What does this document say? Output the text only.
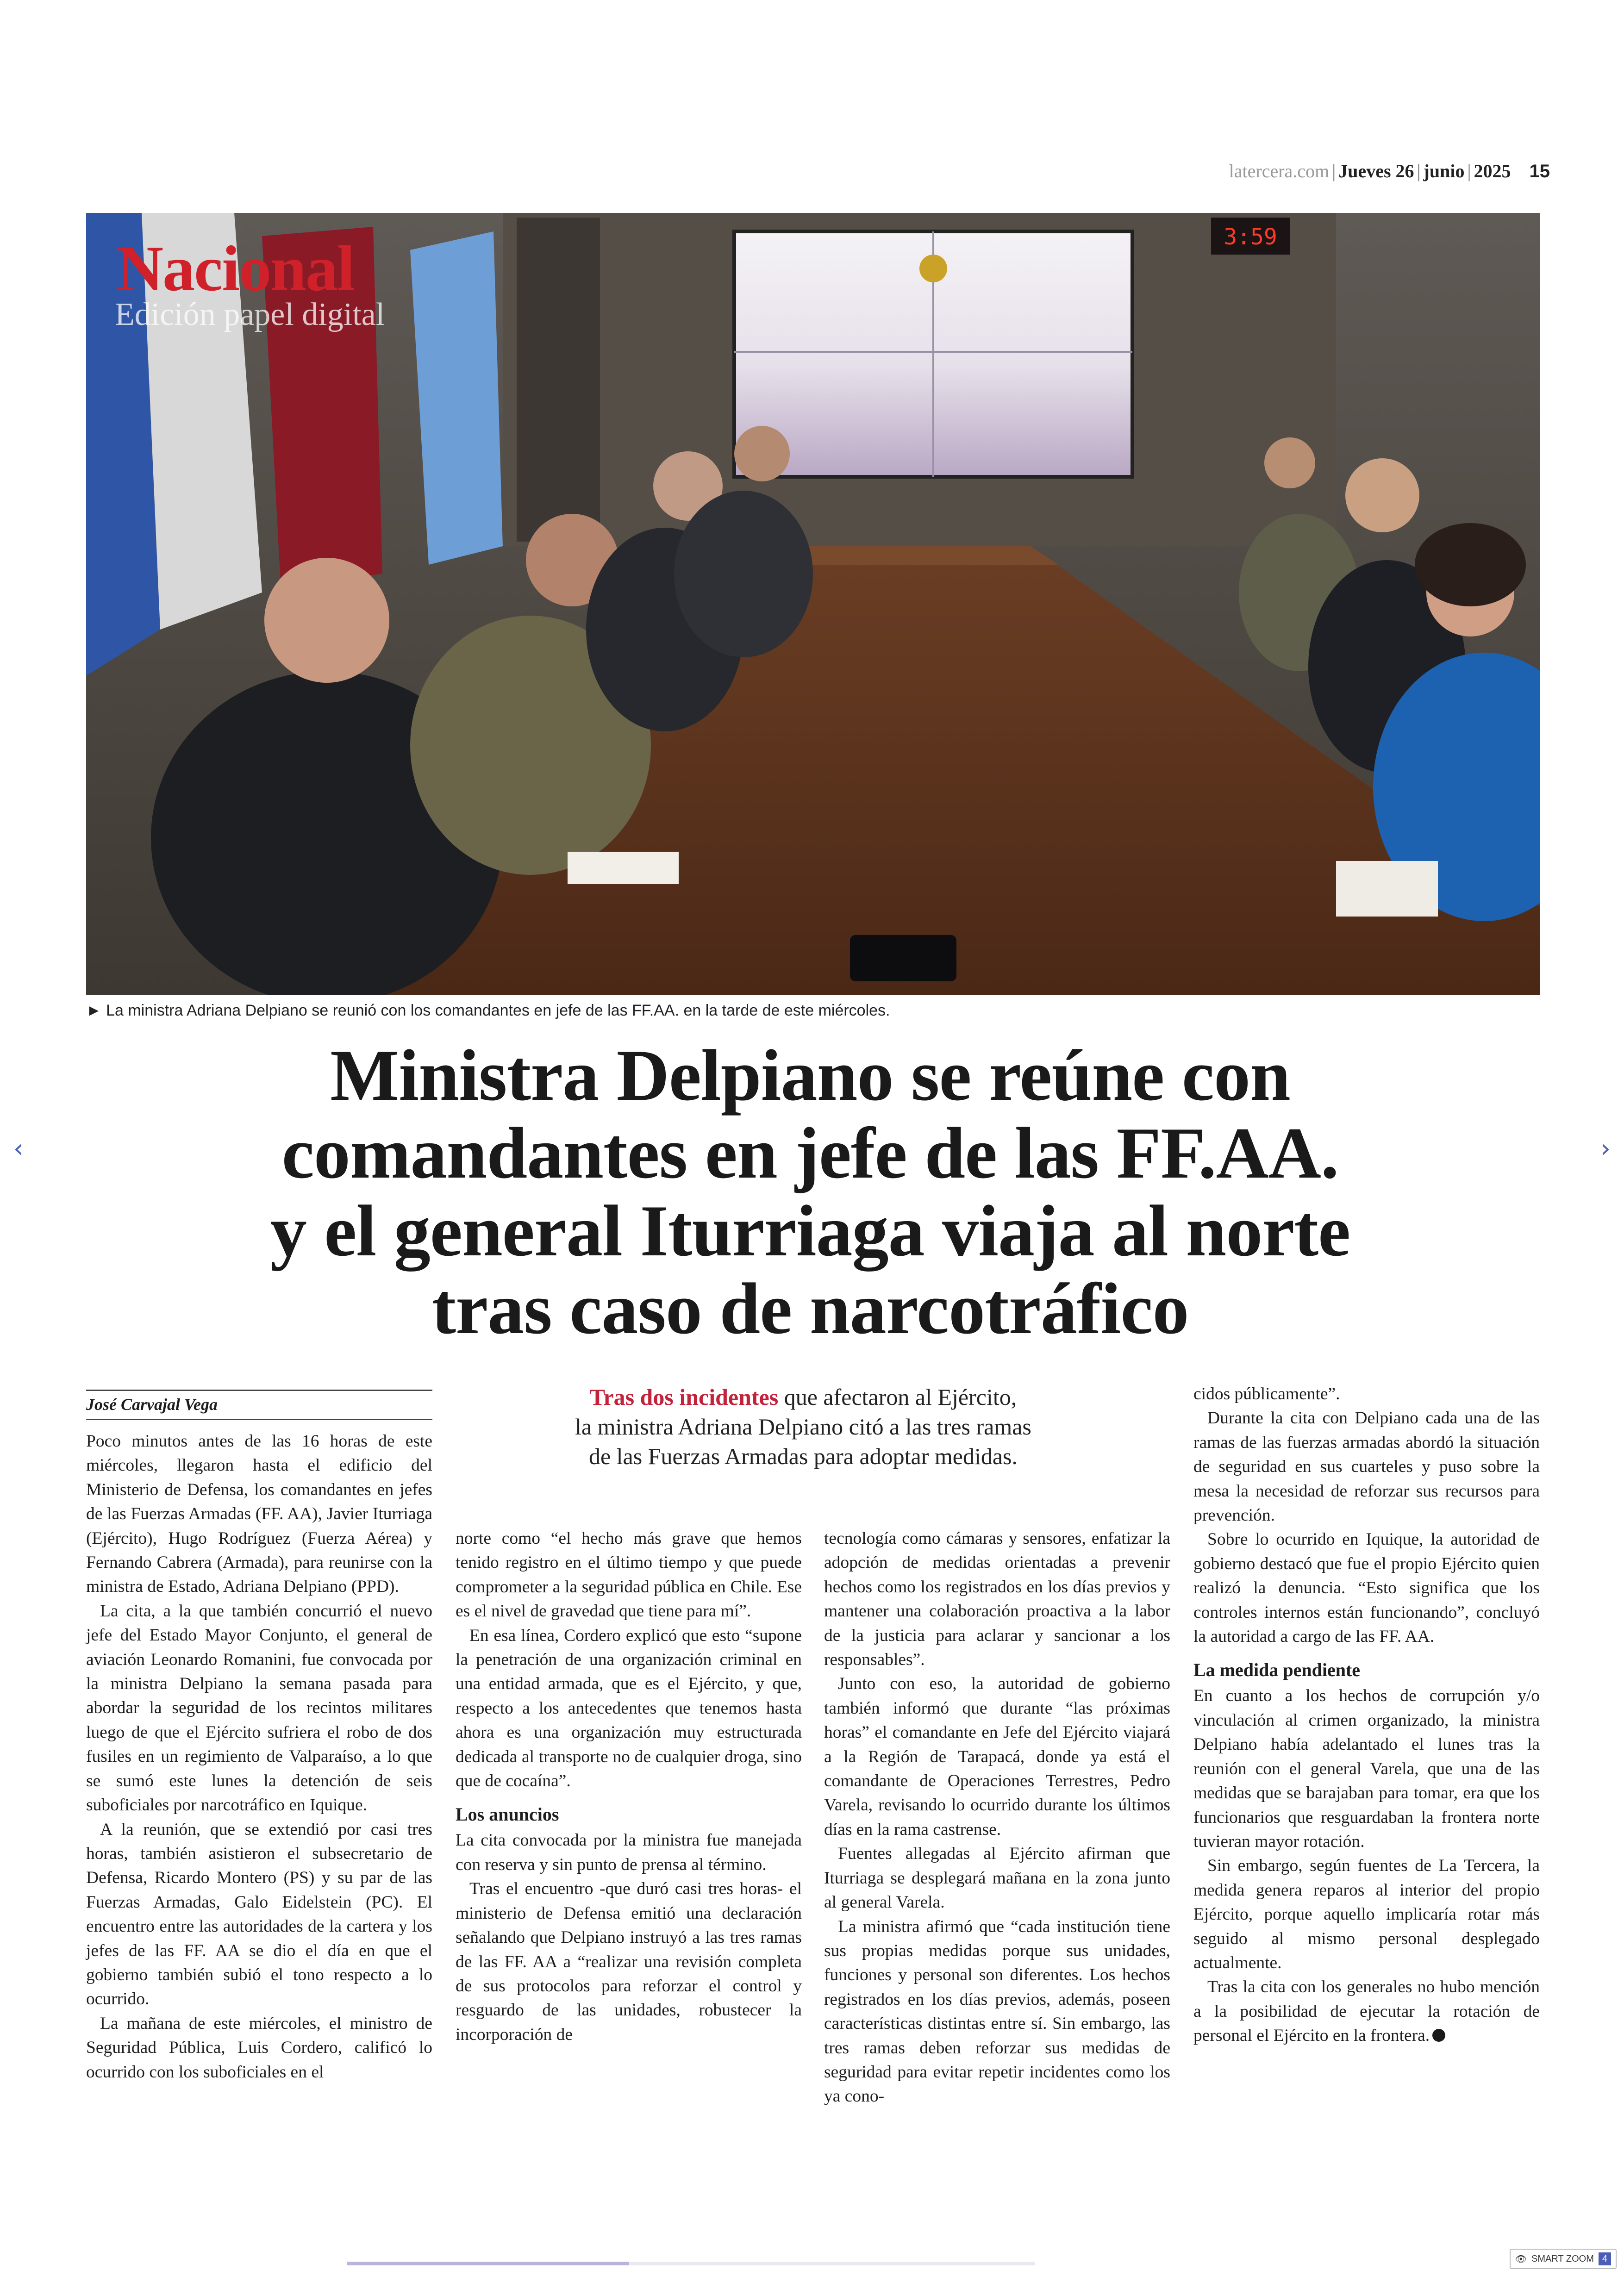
latercera.com | Jueves 26 | junio | 2025 15
3:59
Nacional
Edición papel digital
► La ministra Adriana Delpiano se reunió con los comandantes en jefe de las FF.AA. en la tarde de este miércoles.
‹	›
Ministra Delpiano se reúne con
comandantes en jefe de las FF.AA.
y el general Iturriaga viaja al norte
tras caso de narcotráfico
José Carvajal Vega	Tras dos incidentes que afectaron al Ejército,
la ministra Adriana Delpiano citó a las tres ramas
de las Fuerzas Armadas para adoptar medidas.

Poco minutos antes de las 16 horas de este miércoles, llegaron hasta el edificio del Ministerio de Defensa, los comandantes en jefes de las Fuerzas Armadas (FF. AA), Javier Iturriaga (Ejército), Hugo Rodríguez (Fuerza Aérea) y Fernando Cabrera (Armada), para reunirse con la ministra de Estado, Adriana Delpiano (PPD).

La cita, a la que también concurrió el nuevo jefe del Estado Mayor Conjunto, el general de aviación Leonardo Romanini, fue convocada por la ministra Delpiano la semana pasada para abordar la seguridad de los recintos militares luego de que el Ejército sufriera el robo de dos fusiles en un regimiento de Valparaíso, a lo que se sumó este lunes la detención de seis suboficiales por narcotráfico en Iquique.

A la reunión, que se extendió por casi tres horas, también asistieron el subsecretario de Defensa, Ricardo Montero (PS) y su par de las Fuerzas Armadas, Galo Eidelstein (PC). El encuentro entre las autoridades de la cartera y los jefes de las FF. AA se dio el día en que el gobierno también subió el tono respecto a lo ocurrido.

La mañana de este miércoles, el ministro de Seguridad Pública, Luis Cordero, calificó lo ocurrido con los suboficiales en el

norte como “el hecho más grave que hemos tenido registro en el último tiempo y que puede comprometer a la seguridad pública en Chile. Ese es el nivel de gravedad que tiene para mí”.

En esa línea, Cordero explicó que esto “supone la penetración de una organización criminal en una entidad armada, que es el Ejército, y que, respecto a los antecedentes que tenemos hasta ahora es una organización muy estructurada dedicada al transporte no de cualquier droga, sino que de cocaína”.

Los anuncios

La cita convocada por la ministra fue manejada con reserva y sin punto de prensa al término.

Tras el encuentro -que duró casi tres horas- el ministerio de Defensa emitió una declaración señalando que Delpiano instruyó a las tres ramas de las FF. AA a “realizar una revisión completa de sus protocolos para reforzar el control y resguardo de las unidades, robustecer la incorporación de

tecnología como cámaras y sensores, enfatizar la adopción de medidas orientadas a prevenir hechos como los registrados en los días previos y mantener una colaboración proactiva a la labor de la justicia para aclarar y sancionar a los responsables”.

Junto con eso, la autoridad de gobierno también informó que durante “las próximas horas” el comandante en Jefe del Ejército viajará a la Región de Tarapacá, donde ya está el comandante de Operaciones Terrestres, Pedro Varela, revisando lo ocurrido durante los últimos días en la rama castrense.

Fuentes allegadas al Ejército afirman que Iturriaga se desplegará mañana en la zona junto al general Varela.

La ministra afirmó que “cada institución tiene sus propias medidas porque sus unidades, funciones y personal son diferentes. Los hechos registrados en los días previos, además, poseen características distintas entre sí. Sin embargo, las tres ramas deben reforzar sus medidas de seguridad para evitar repetir incidentes como los ya cono-

cidos públicamente”.

Durante la cita con Delpiano cada una de las ramas de las fuerzas armadas abordó la situación de seguridad en sus cuarteles y puso sobre la mesa la necesidad de reforzar sus recursos para prevención.

Sobre lo ocurrido en Iquique, la autoridad de gobierno destacó que fue el propio Ejército quien realizó la denuncia. “Esto significa que los controles internos están funcionando”, concluyó la autoridad a cargo de las FF. AA.

La medida pendiente

En cuanto a los hechos de corrupción y/o vinculación al crimen organizado, la ministra Delpiano había adelantado el lunes tras la reunión con el general Varela, que una de las medidas que se barajaban para tomar, era que los funcionarios que resguardaban la frontera norte tuvieran mayor rotación.

Sin embargo, según fuentes de La Tercera, la medida genera reparos al interior del propio Ejército, porque aquello implicaría rotar más seguido al mismo personal desplegado actualmente.

Tras la cita con los generales no hubo mención a la posibilidad de ejecutar la rotación de personal el Ejército en la frontera.

👁 SMART ZOOM 4
